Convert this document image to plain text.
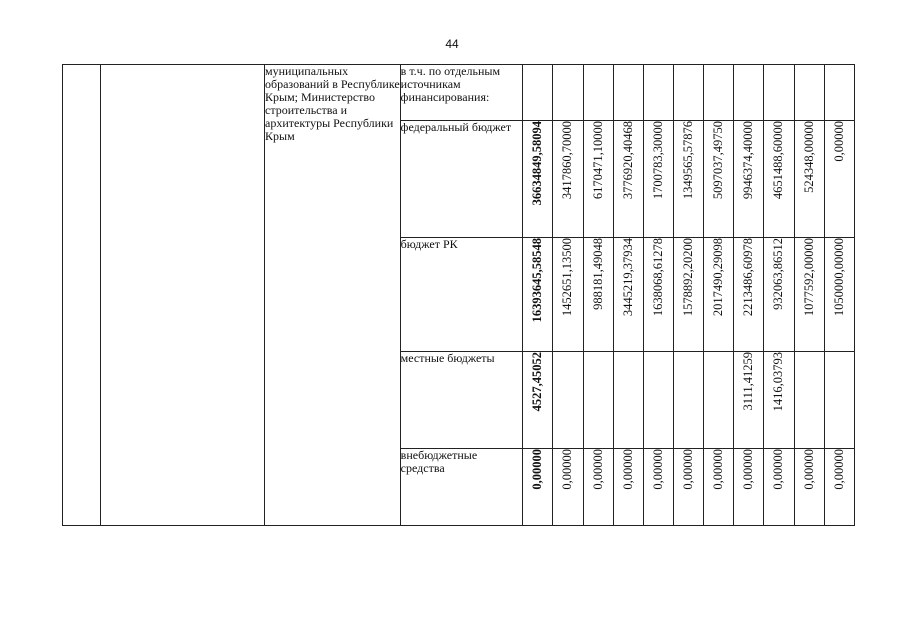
44
		муниципальных образований в Республике Крым; Министерство строительства и архитектуры Республики Крым	в т.ч. по отдельным источникам финансирования:											
			федеральный бюджет	36634849,58094	3417860,70000	6170471,10000	3776920,40468	1700783,30000	1349565,57876	5097037,49750	9946374,40000	4651488,60000	524348,00000	0,00000
			бюджет РК	16393645,58548	1452651,13500	988181,49048	3445219,37934	1638068,61278	1578892,20200	2017490,29098	2213486,60978	932063,86512	1077592,00000	1050000,00000
			местные бюджеты	4527,45052							3111,41259	1416,03793		
			внебюджетные средства	0,00000	0,00000	0,00000	0,00000	0,00000	0,00000	0,00000	0,00000	0,00000	0,00000	0,00000
